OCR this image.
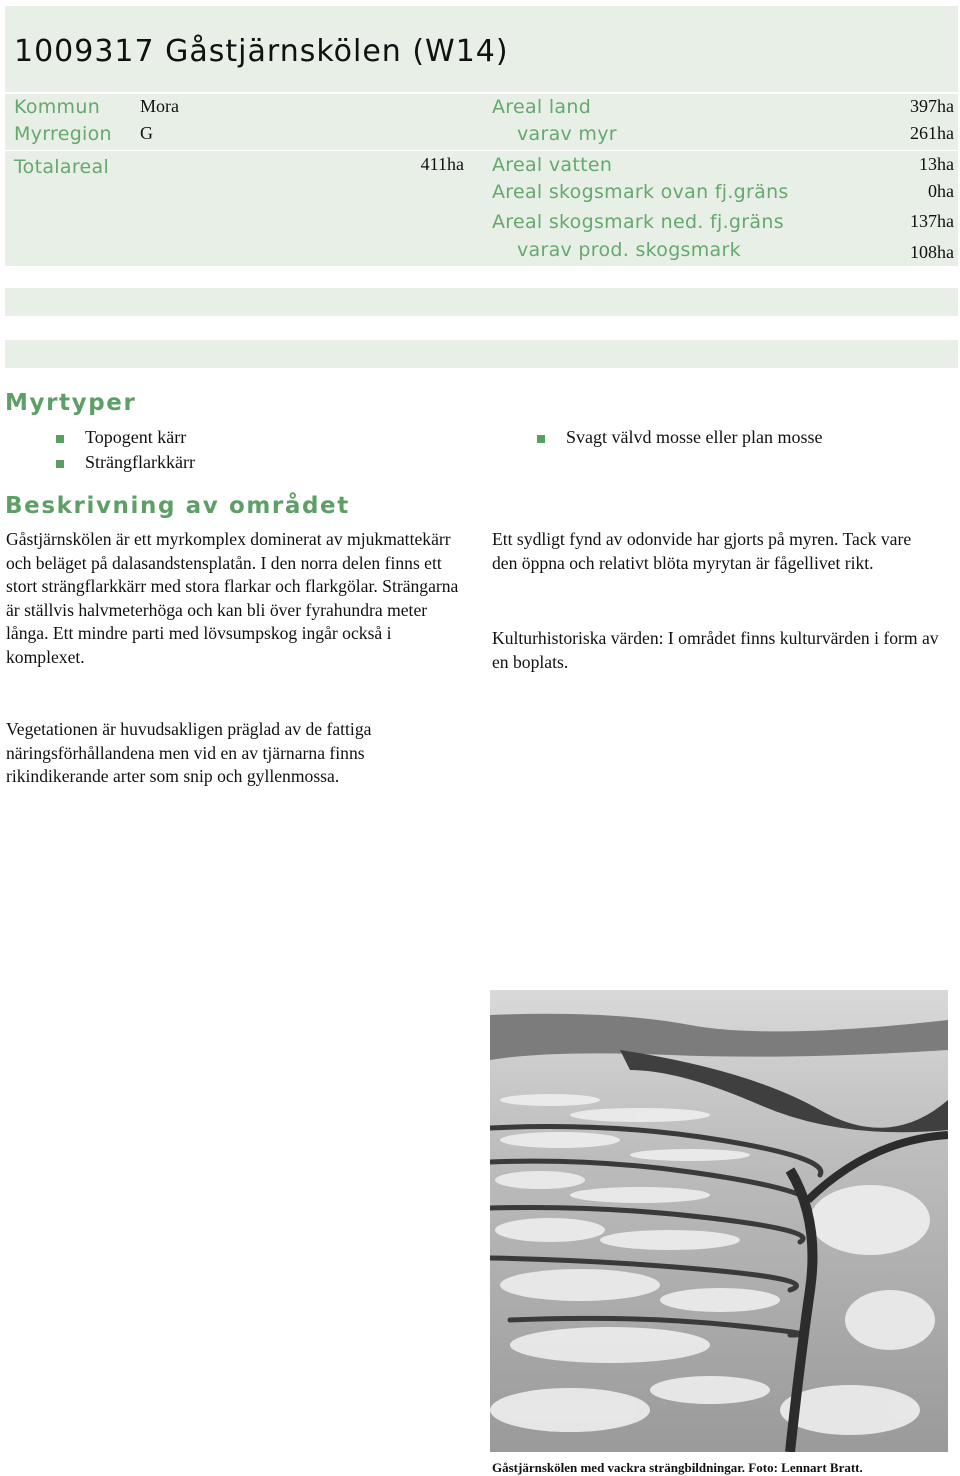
1009317 Gåstjärnskölen (W14)
Kommun Mora
Myrregion G
Totalareal	411ha
Areal land	397ha
varav myr	261ha
Areal vatten	13ha
Areal skogsmark ovan fj.gräns	0ha
Areal skogsmark ned. fj.gräns	137ha
varav prod. skogsmark	108ha
Myrtyper
Topogent kärr
Strängflarkkärr
Svagt välvd mosse eller plan mosse
Beskrivning av området

Gåstjärnskölen är ett myrkomplex dominerat av mjukmattekärr och beläget på dalasandstensplatån. I den norra delen finns ett stort strängflarkkärr med stora flarkar och flarkgölar. Strängarna är ställvis halvmeterhöga och kan bli över fyrahundra meter långa. Ett mindre parti med lövsumpskog ingår också i komplexet.

Vegetationen är huvudsakligen präglad av de fattiga näringsförhållandena men vid en av tjärnarna finns rikindikerande arter som snip och gyllenmossa.

Ett sydligt fynd av odonvide har gjorts på myren. Tack vare den öppna och relativt blöta myrytan är fågellivet rikt.

Kulturhistoriska värden: I området finns kulturvärden i form av en boplats.

Gåstjärnskölen med vackra strängbildningar. Foto: Lennart Bratt.
